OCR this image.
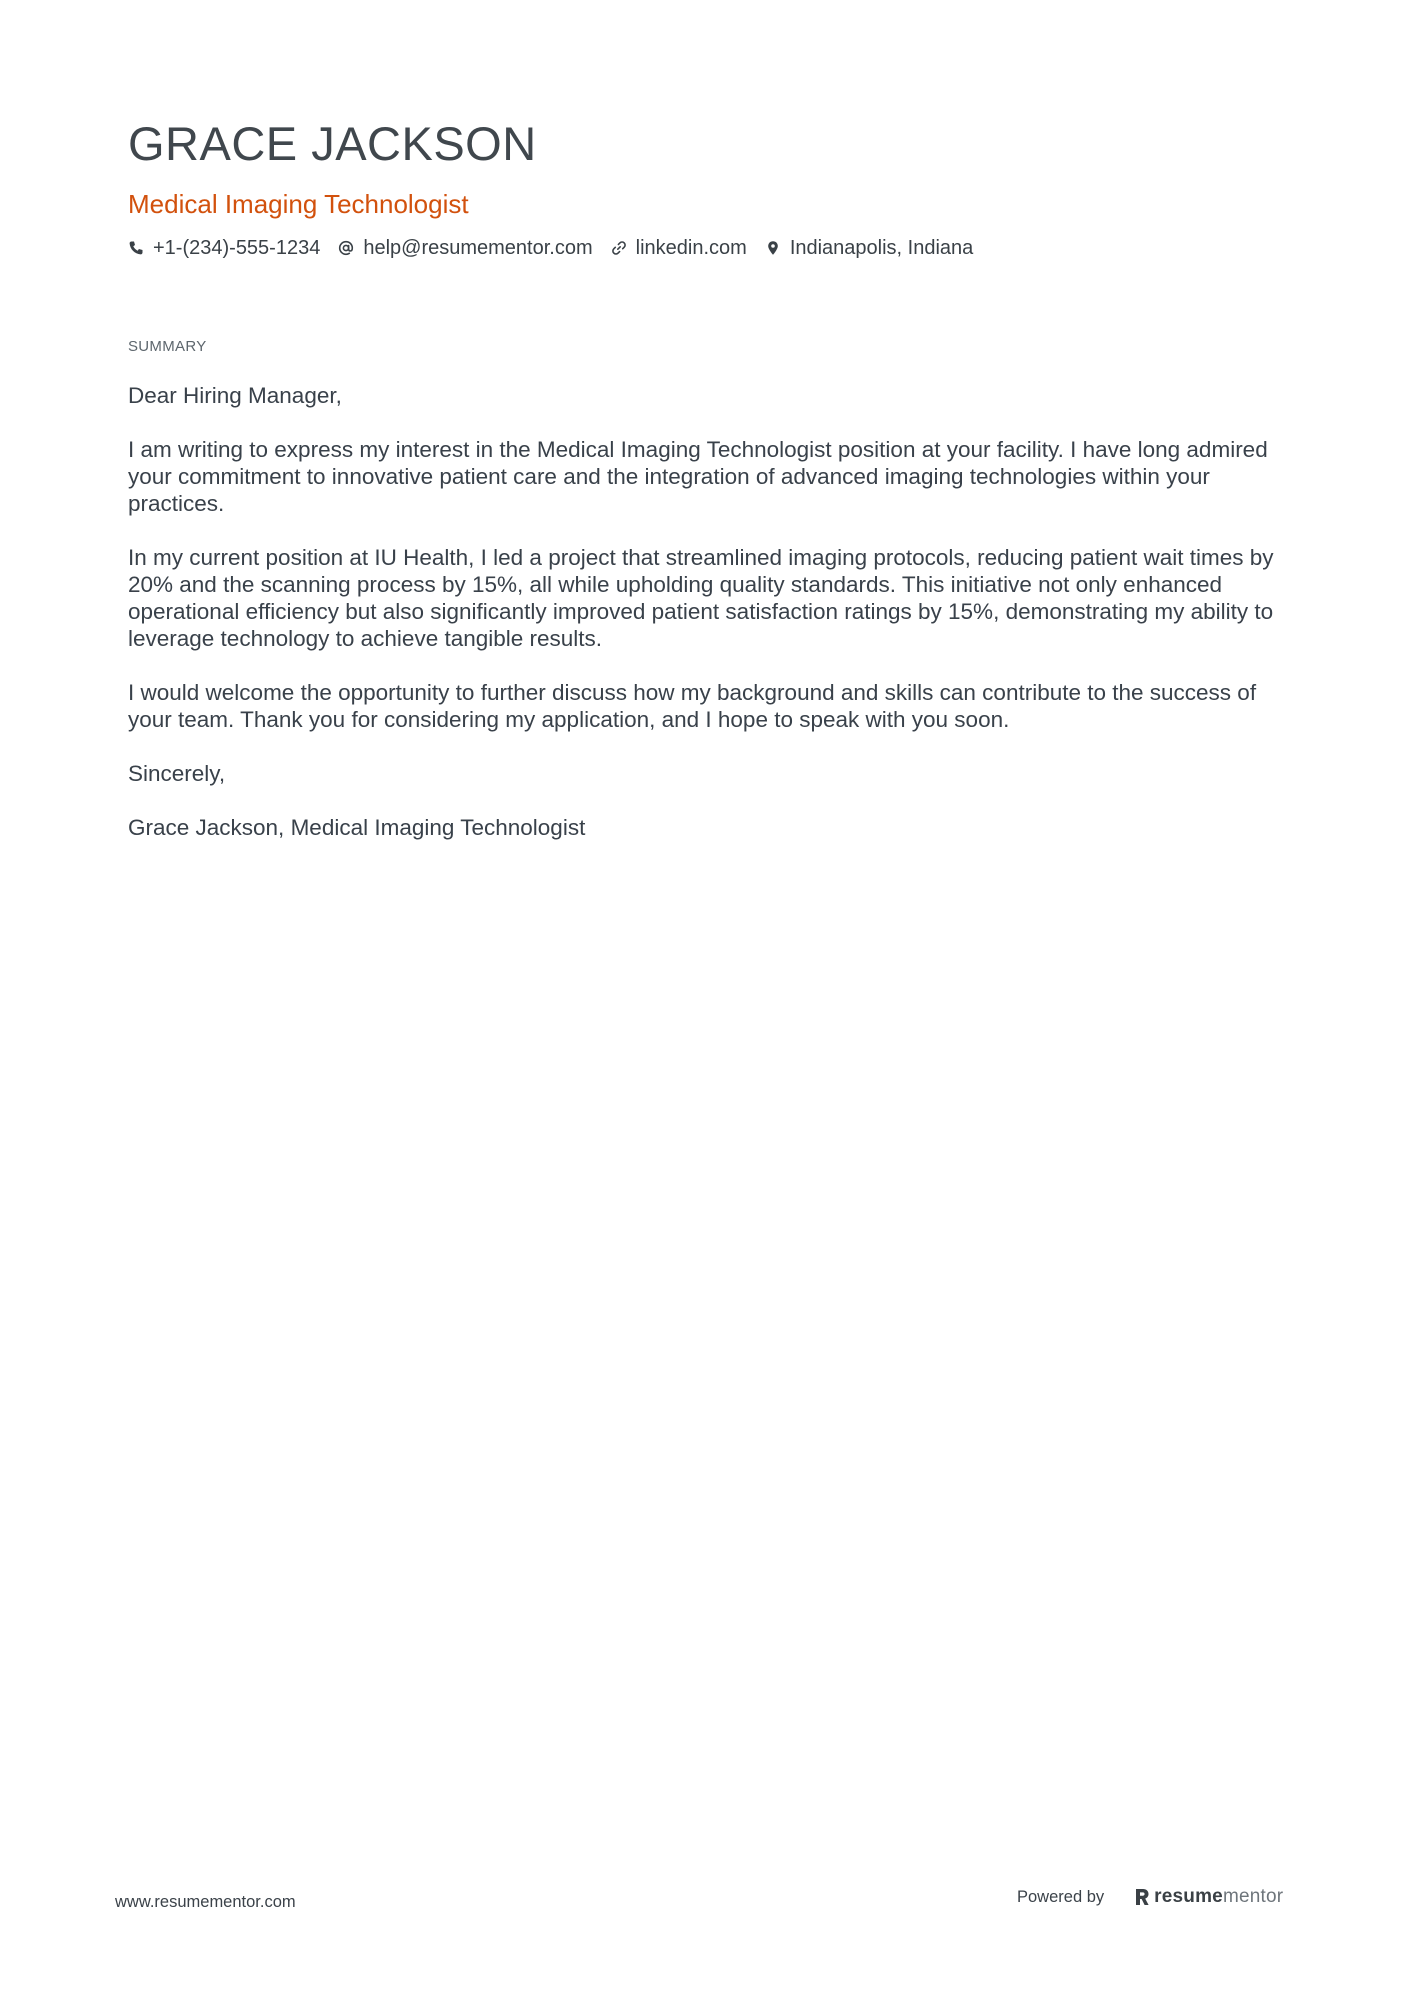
GRACE JACKSON
Medical Imaging Technologist
+1-(234)-555-1234 help@resumementor.com linkedin.com Indianapolis, Indiana
SUMMARY

Dear Hiring Manager,

I am writing to express my interest in the Medical Imaging Technologist position at your facility. I have long admired your commitment to innovative patient care and the integration of advanced imaging technologies within your practices.

In my current position at IU Health, I led a project that streamlined imaging protocols, reducing patient wait times by 20% and the scanning process by 15%, all while upholding quality standards. This initiative not only enhanced operational efficiency but also significantly improved patient satisfaction ratings by 15%, demonstrating my ability to leverage technology to achieve tangible results.

I would welcome the opportunity to further discuss how my background and skills can contribute to the success of your team. Thank you for considering my application, and I hope to speak with you soon.

Sincerely,

Grace Jackson, Medical Imaging Technologist

www.resumementor.com	Powered by	resumementor
